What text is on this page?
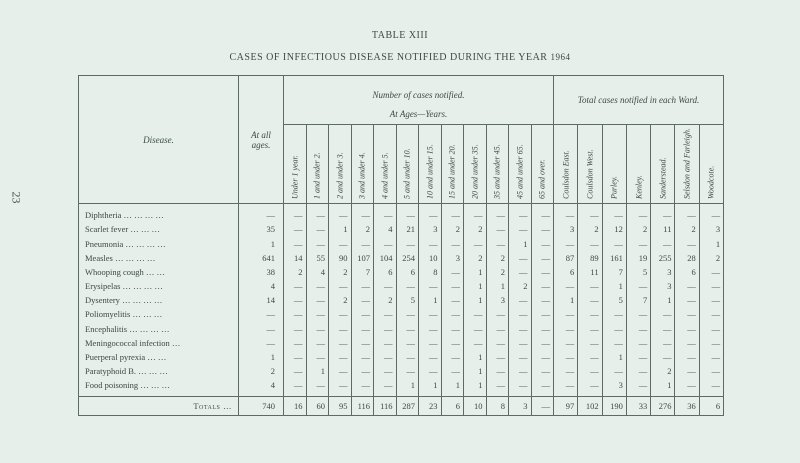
23
TABLE XIII
CASES OF INFECTIOUS DISEASE NOTIFIED DURING THE YEAR 1964
Disease.	At all ages.	Number of cases notified.
At Ages—Years.												Total cases notified in each Ward.						

		Under 1 year.	1 and under 2.	2 and under 3.	3 and under 4.	4 and under 5.	5 and under 10.	10 and under 15.	15 and under 20.	20 and under 35.	35 and under 45.	45 and under 65.	65 and over.	Coulsdon East.	Coulsdon West.	Purley.	Kenley.	Sanderstead.	Selsdon and Farleigh.	Woodcote.

Diphtheria … … … …	—	—	—	—	—	—	—	—	—	—	—	—	—	—	—	—	—	—	—	—
Scarlet fever … … …	35	—	—	1	2	4	21	3	2	2	—	—	—	3	2	12	2	11	2	3
Pneumonia … … … …	1	—	—	—	—	—	—	—	—	—	—	1	—	—	—	—	—	—	—	1
Measles … … … …	641	14	55	90	107	104	254	10	3	2	2	—	—	87	89	161	19	255	28	2
Whooping cough … …	38	2	4	2	7	6	6	8	—	1	2	—	—	6	11	7	5	3	6	—
Erysipelas … … … …	4	—	—	—	—	—	—	—	—	1	1	2	—	—	—	1	—	3	—	—
Dysentery … … … …	14	—	—	2	—	2	5	1	—	1	3	—	—	1	—	5	7	1	—	—
Poliomyelitis … … …	—	—	—	—	—	—	—	—	—	—	—	—	—	—	—	—	—	—	—	—
Encephalitis … … … …	—	—	—	—	—	—	—	—	—	—	—	—	—	—	—	—	—	—	—	—
Meningococcal infection …	—	—	—	—	—	—	—	—	—	—	—	—	—	—	—	—	—	—	—	—
Puerperal pyrexia … …	1	—	—	—	—	—	—	—	—	1	—	—	—	—	—	1	—	—	—	—
Paratyphoid B. … … …	2	—	1	—	—	—	—	—	—	1	—	—	—	—	—	—	—	2	—	—
Food poisoning … … …	4	—	—	—	—	—	1	1	1	1	—	—	—	—	—	3	—	1	—	—
Totals …	740	16	60	95	116	116	287	23	6	10	8	3	—	97	102	190	33	276	36	6
